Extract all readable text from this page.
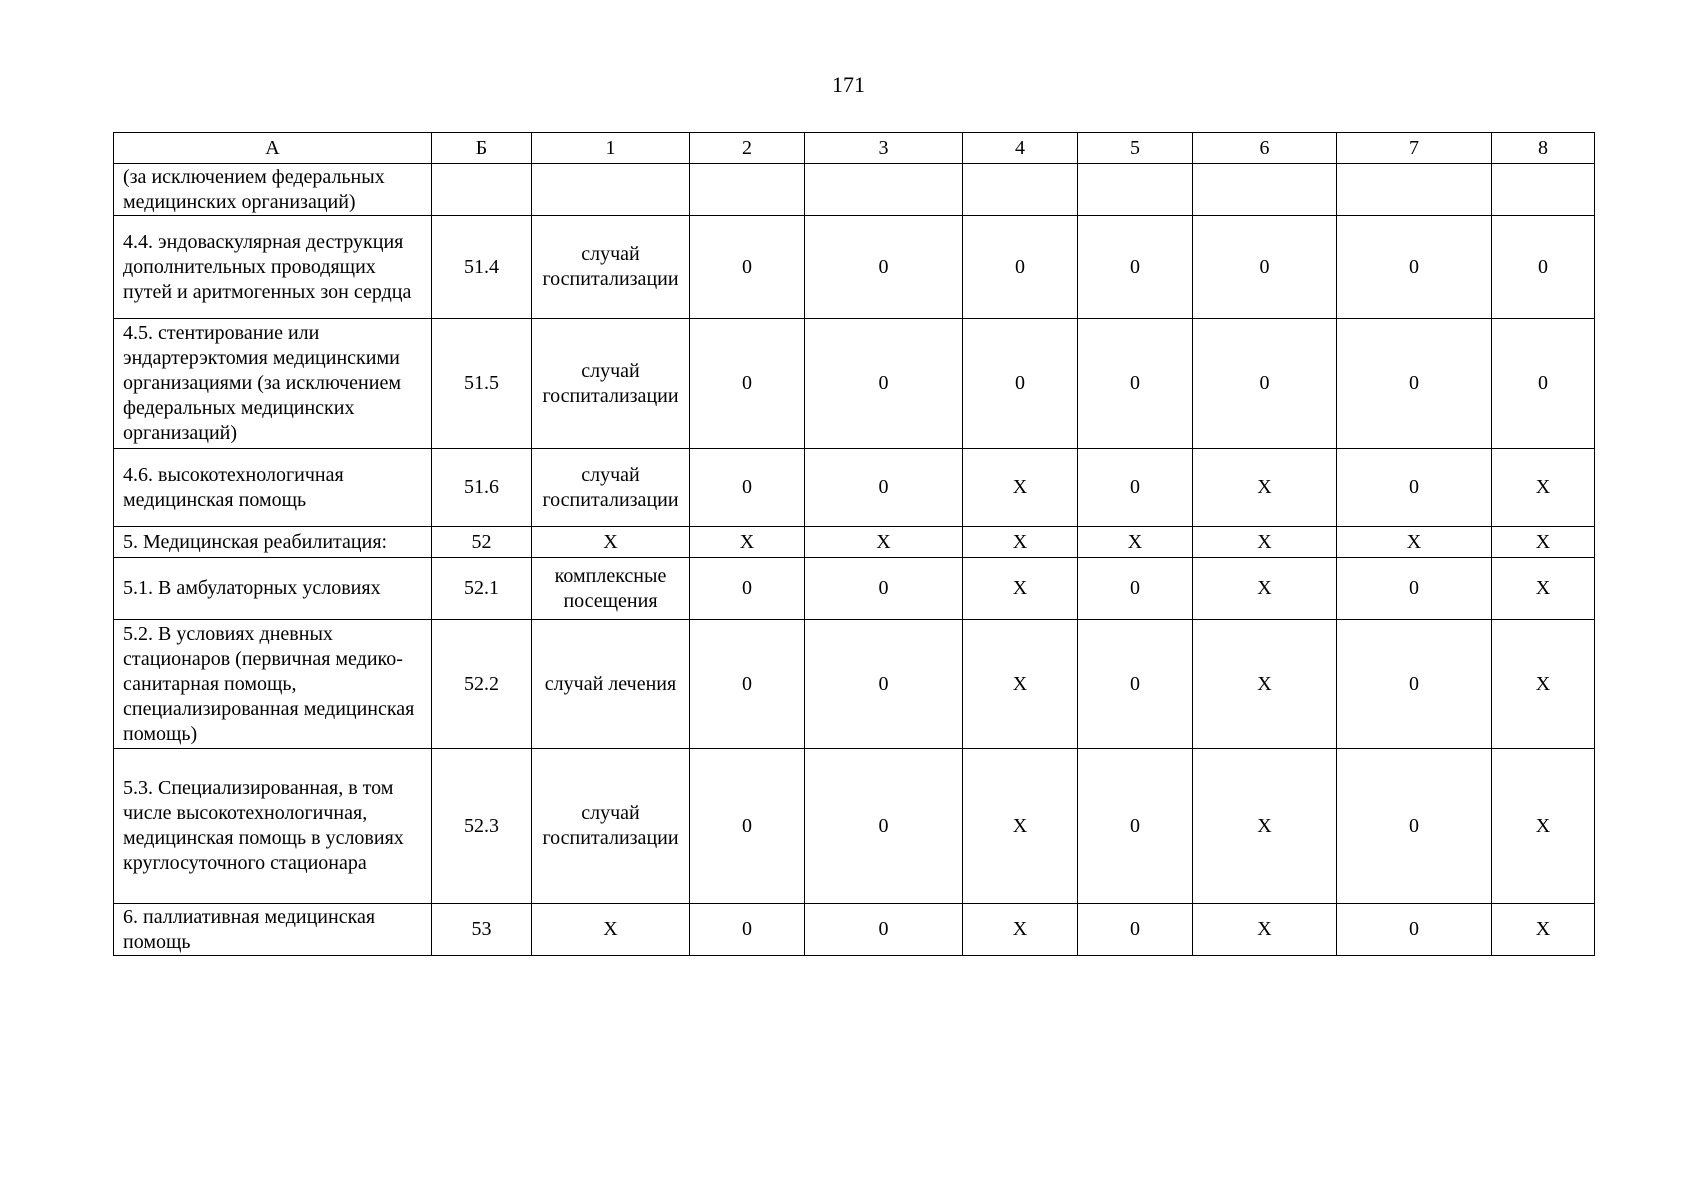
171
А	Б	1	2	3	4	5	6	7	8
(за исключением федеральных медицинских организаций)									
4.4. эндоваскулярная деструкция дополнительных проводящих путей и аритмогенных зон сердца	51.4	случай госпитализации	0	0	0	0	0	0	0
4.5. стентирование или эндартерэктомия медицинскими организациями (за исключением федеральных медицинских организаций)	51.5	случай госпитализации	0	0	0	0	0	0	0
4.6. высокотехнологичная медицинская помощь	51.6	случай госпитализации	0	0	Х	0	Х	0	Х
5. Медицинская реабилитация:	52	Х	Х	Х	Х	Х	Х	Х	Х
5.1. В амбулаторных условиях	52.1	комплексные посещения	0	0	Х	0	Х	0	Х
5.2. В условиях дневных стационаров (первичная медико-санитарная помощь, специализированная медицинская помощь)	52.2	случай лечения	0	0	Х	0	Х	0	Х
5.3. Специализированная, в том числе высокотехнологичная, медицинская помощь в условиях круглосуточного стационара	52.3	случай госпитализации	0	0	Х	0	Х	0	Х
6. паллиативная медицинская помощь	53	Х	0	0	Х	0	Х	0	Х
